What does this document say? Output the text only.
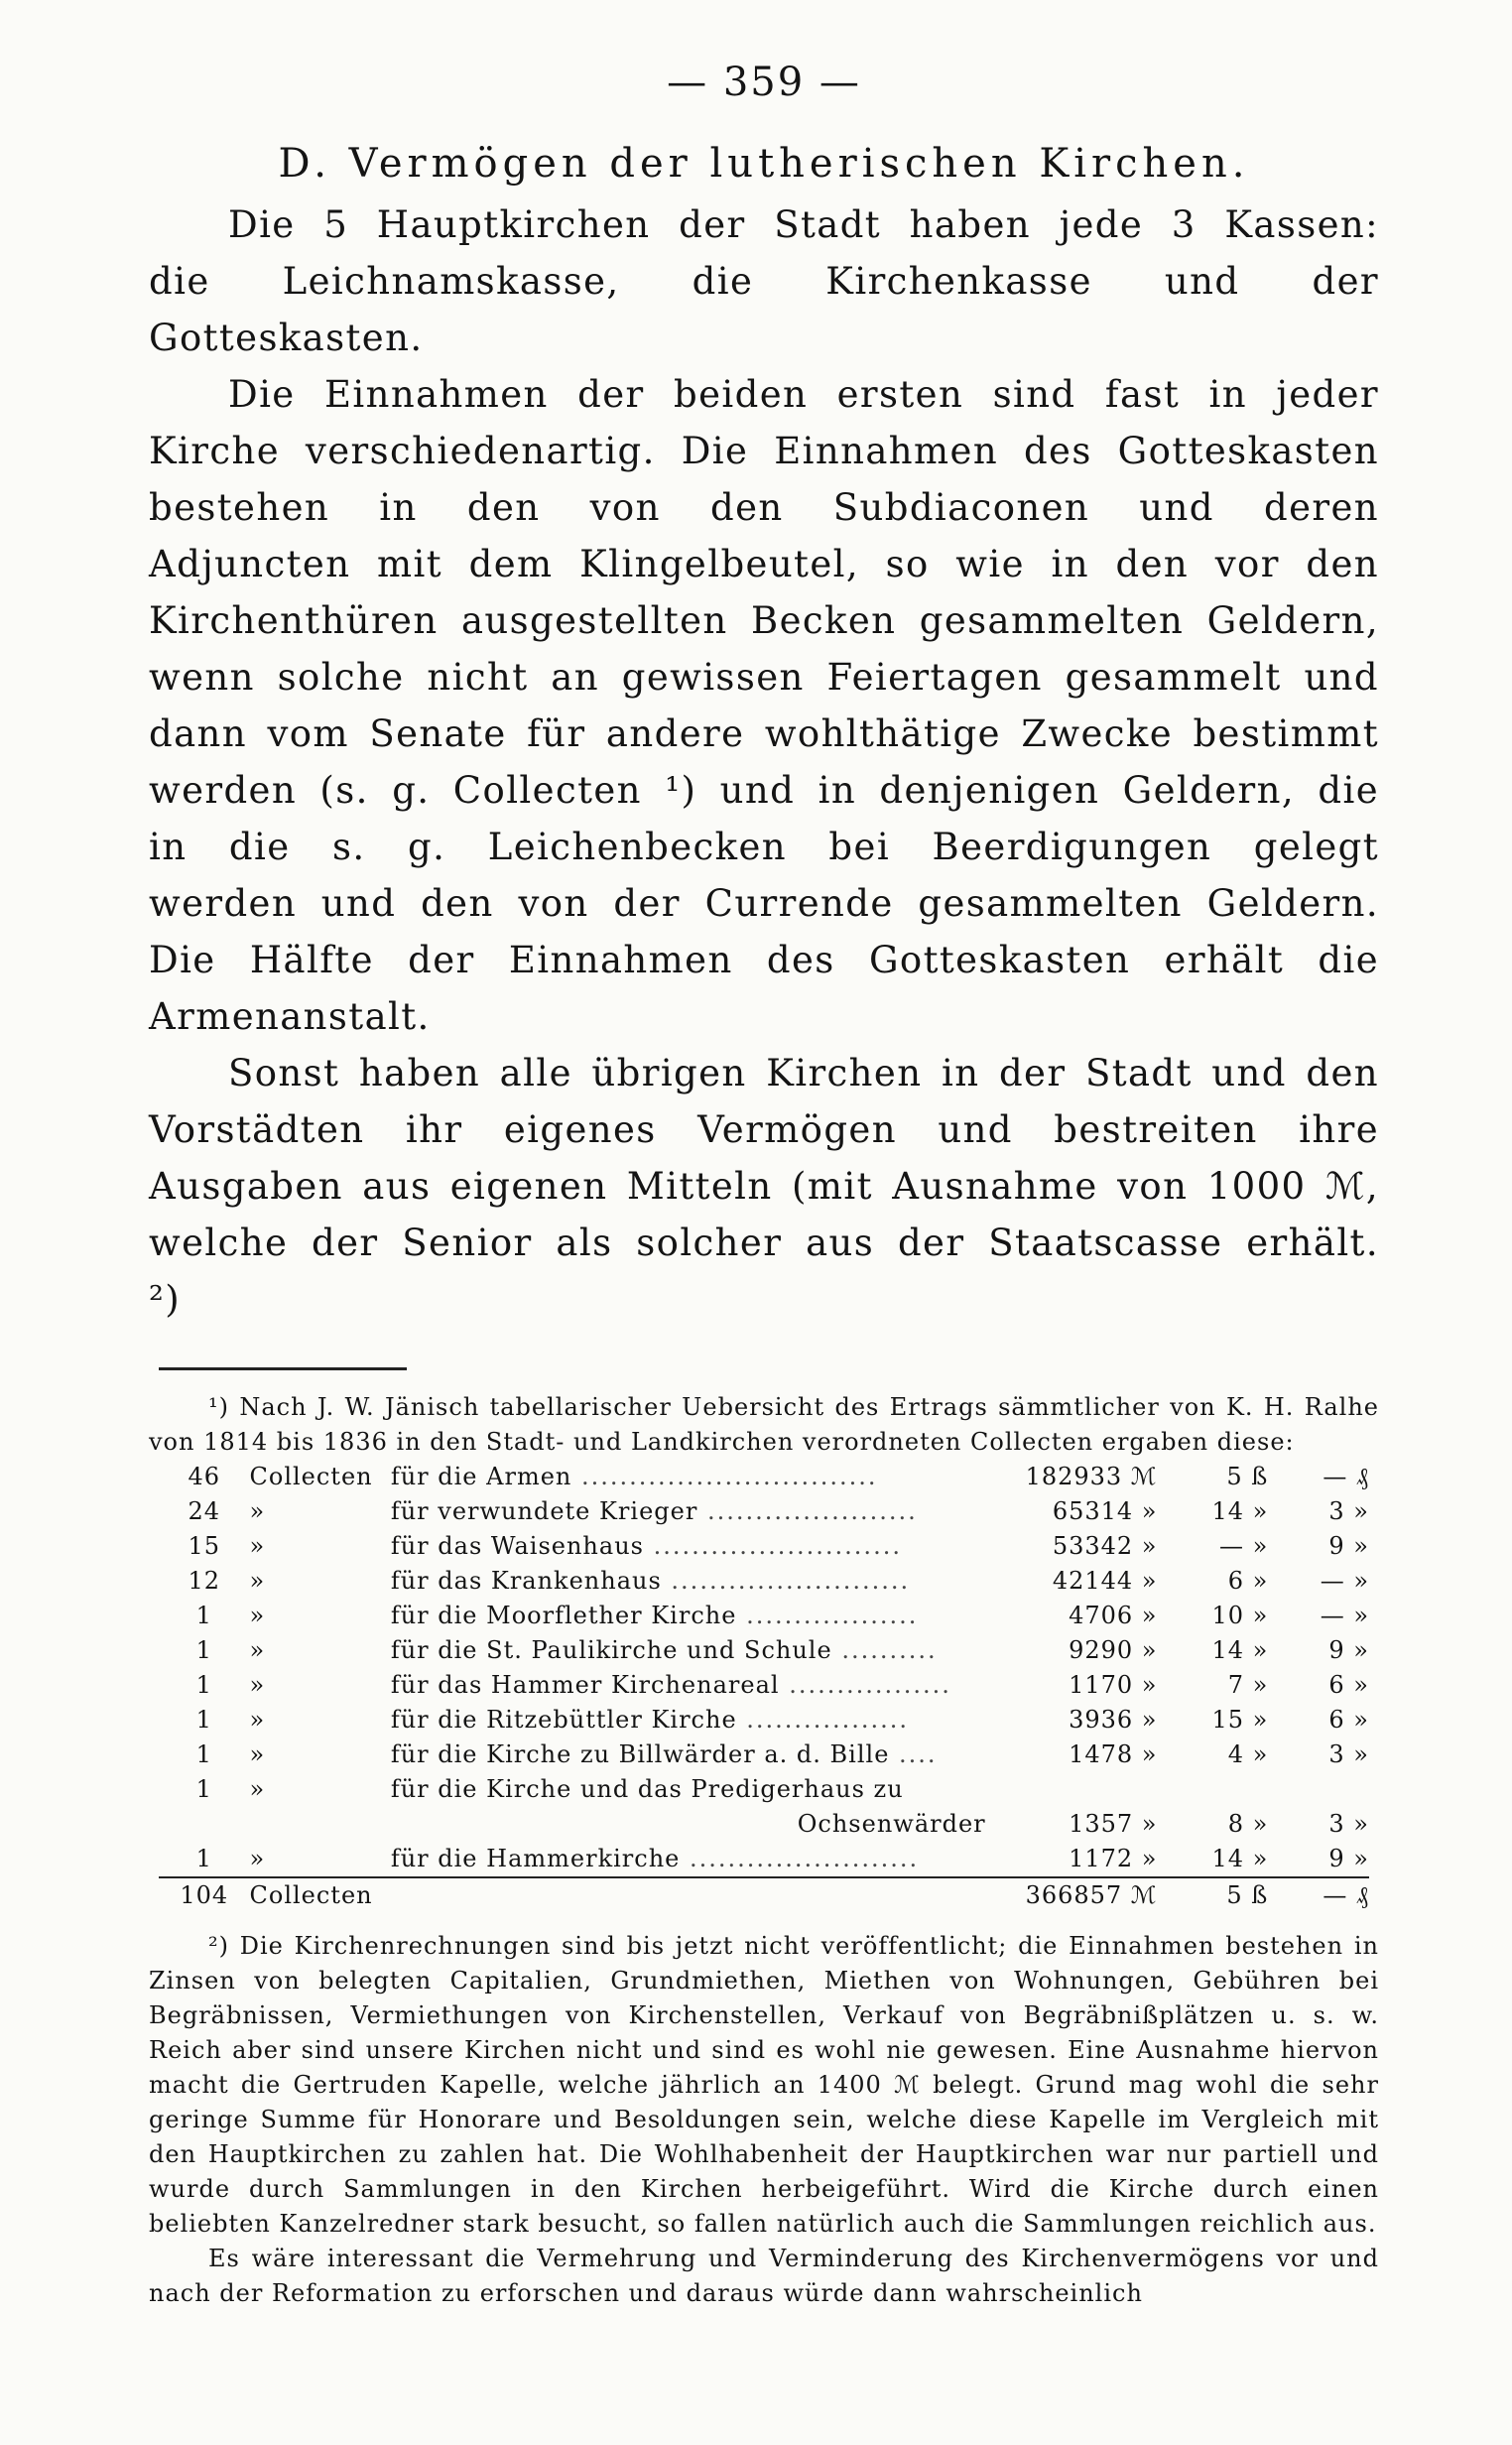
— 359 —
D. Vermögen der lutherischen Kirchen.

Die 5 Hauptkirchen der Stadt haben jede 3 Kassen: die Leichnamskasse, die Kirchenkasse und der Gotteskasten.

Die Einnahmen der beiden ersten sind fast in jeder Kirche verschiedenartig. Die Einnahmen des Gotteskasten bestehen in den von den Subdiaconen und deren Adjuncten mit dem Klingelbeutel, so wie in den vor den Kirchenthüren ausgestellten Becken gesammelten Geldern, wenn solche nicht an gewissen Feiertagen gesammelt und dann vom Senate für andere wohlthätige Zwecke bestimmt werden (s. g. Collecten ¹) und in denjenigen Geldern, die in die s. g. Leichenbecken bei Beerdigungen gelegt werden und den von der Currende gesammelten Geldern. Die Hälfte der Einnahmen des Gotteskasten erhält die Armenanstalt.

Sonst haben alle übrigen Kirchen in der Stadt und den Vorstädten ihr eigenes Vermögen und bestreiten ihre Ausgaben aus eigenen Mitteln (mit Ausnahme von 1000 ℳ, welche der Senior als solcher aus der Staatscasse erhält. ²)

¹) Nach J. W. Jänisch tabellarischer Uebersicht des Ertrags sämmtlicher von K. H. Ralhe von 1814 bis 1836 in den Stadt- und Landkirchen verordneten Collecten ergaben diese:

46	Collecten	für die Armen ...............................	182933 ℳ	5 ß	— ₰
24	»	für verwundete Krieger ......................	65314 »	14 »	3 »
15	»	für das Waisenhaus ..........................	53342 »	— »	9 »
12	»	für das Krankenhaus .........................	42144 »	6 »	— »
1	»	für die Moorflether Kirche ..................	4706 »	10 »	— »
1	»	für die St. Paulikirche und Schule ..........	9290 »	14 »	9 »
1	»	für das Hammer Kirchenareal .................	1170 »	7 »	6 »
1	»	für die Ritzebüttler Kirche .................	3936 »	15 »	6 »
1	»	für die Kirche zu Billwärder a. d. Bille ....	1478 »	4 »	3 »
1	»	für die Kirche und das Predigerhaus zu			
		Ochsenwärder	1357 »	8 »	3 »
1	»	für die Hammerkirche ........................	1172 »	14 »	9 »
104	Collecten		366857 ℳ	5 ß	— ₰

²) Die Kirchenrechnungen sind bis jetzt nicht veröffentlicht; die Einnahmen bestehen in Zinsen von belegten Capitalien, Grundmiethen, Miethen von Wohnungen, Gebühren bei Begräbnissen, Vermiethungen von Kirchenstellen, Verkauf von Begräbnißplätzen u. s. w. Reich aber sind unsere Kirchen nicht und sind es wohl nie gewesen. Eine Ausnahme hiervon macht die Gertruden Kapelle, welche jährlich an 1400 ℳ belegt. Grund mag wohl die sehr geringe Summe für Honorare und Besoldungen sein, welche diese Kapelle im Vergleich mit den Hauptkirchen zu zahlen hat. Die Wohlhabenheit der Hauptkirchen war nur partiell und wurde durch Sammlungen in den Kirchen herbeigeführt. Wird die Kirche durch einen beliebten Kanzelredner stark besucht, so fallen natürlich auch die Sammlungen reichlich aus.

Es wäre interessant die Vermehrung und Verminderung des Kirchenvermögens vor und nach der Reformation zu erforschen und daraus würde dann wahrscheinlich
